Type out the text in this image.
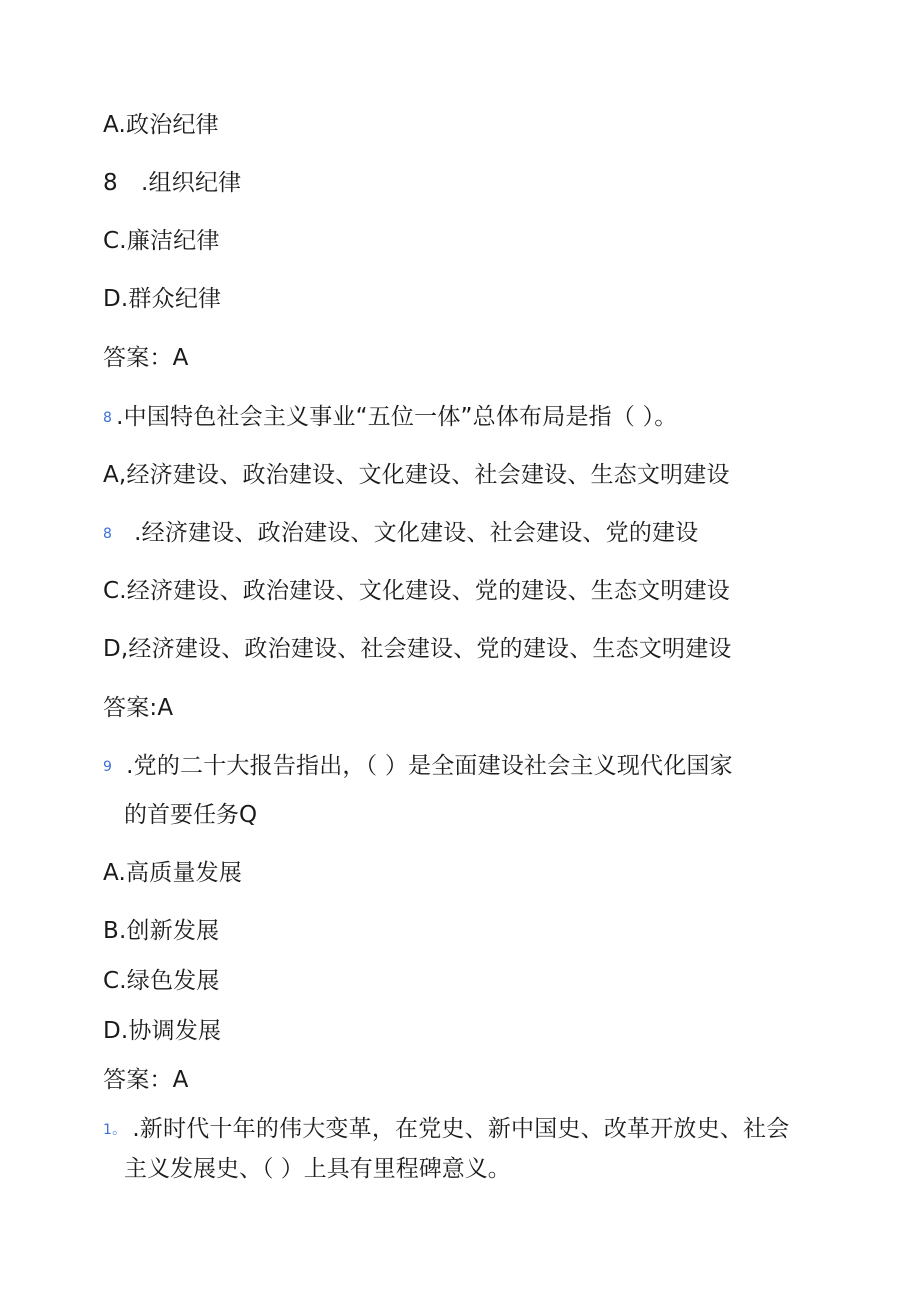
A.政治纪律
8　.组织纪律
C.廉洁纪律
D.群众纪律
答案：A
8 .中国特色社会主义事业“五位一体”总体布局是指（ ）。
A,经济建设、政治建设、文化建设、社会建设、生态文明建设
8 .经济建设、政治建设、文化建设、社会建设、党的建设
C.经济建设、政治建设、文化建设、党的建设、生态文明建设
D,经济建设、政治建设、社会建设、党的建设、生态文明建设
答案:A
9 .党的二十大报告指出，（ ）是全面建设社会主义现代化国家
的首要任务Q
A.高质量发展
B.创新发展
C.绿色发展
D.协调发展
答案：A
1。 .新时代十年的伟大变革，在党史、新中国史、改革开放史、社会
主义发展史、（ ）上具有里程碑意义。
